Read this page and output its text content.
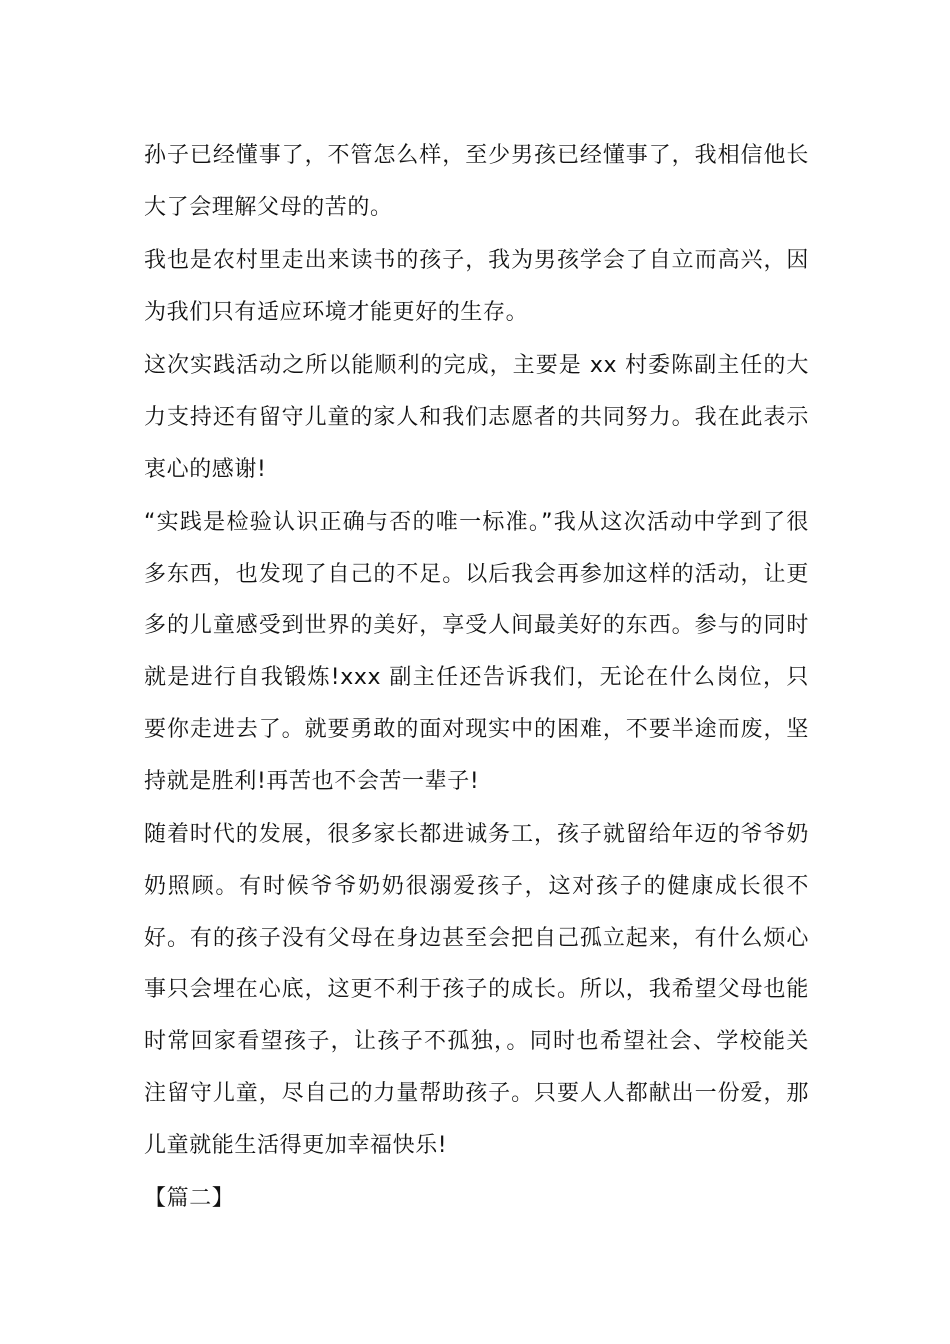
孙子已经懂事了，不管怎么样，至少男孩已经懂事了，我相信他长大了会理解父母的苦的。

我也是农村里走出来读书的孩子，我为男孩学会了自立而高兴，因为我们只有适应环境才能更好的生存。

这次实践活动之所以能顺利的完成，主要是 xx 村委陈副主任的大力支持还有留守儿童的家人和我们志愿者的共同努力。我在此表示衷心的感谢!

“实践是检验认识正确与否的唯一标准。”我从这次活动中学到了很多东西，也发现了自己的不足。以后我会再参加这样的活动，让更多的儿童感受到世界的美好，享受人间最美好的东西。参与的同时就是进行自我锻炼!xxx 副主任还告诉我们，无论在什么岗位，只要你走进去了。就要勇敢的面对现实中的困难，不要半途而废，坚持就是胜利!再苦也不会苦一辈子!

随着时代的发展，很多家长都进诚务工，孩子就留给年迈的爷爷奶奶照顾。有时候爷爷奶奶很溺爱孩子，这对孩子的健康成长很不好。有的孩子没有父母在身边甚至会把自己孤立起来，有什么烦心事只会埋在心底，这更不利于孩子的成长。所以，我希望父母也能时常回家看望孩子，让孩子不孤独，。同时也希望社会、学校能关注留守儿童，尽自己的力量帮助孩子。只要人人都献出一份爱，那儿童就能生活得更加幸福快乐!

【篇二】
